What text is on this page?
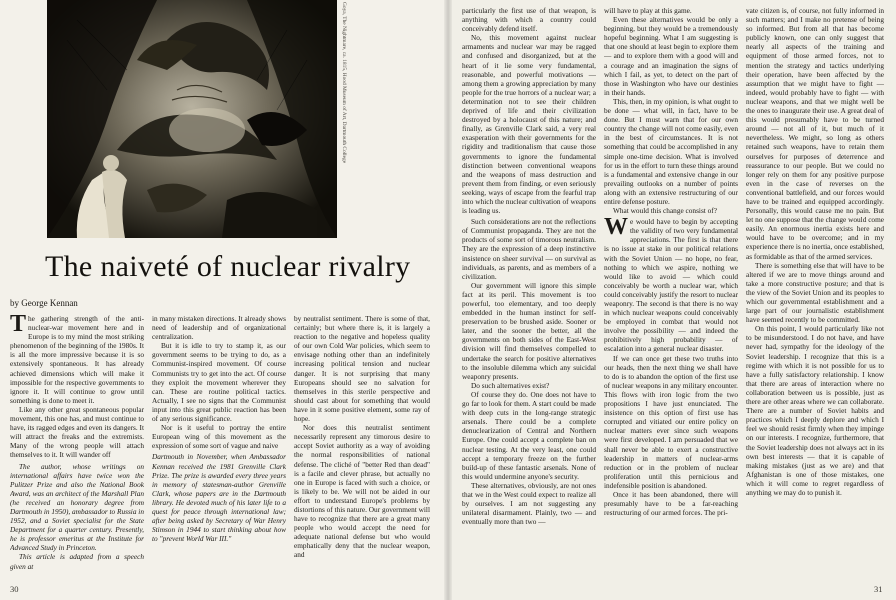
Goya, The Nightmare, ca. 1815, Hood Museum of Art, Dartmouth College
The naiveté of nuclear rivalry
by George Kennan

The gathering strength of the anti-nuclear-war movement here and in Europe is to my mind the most striking phenomenon of the beginning of the 1980s. It is all the more impressive because it is so extensively spontaneous. It has already achieved dimensions which will make it impossible for the respective governments to ignore it. It will continue to grow until something is done to meet it.

Like any other great spontaneous popular movement, this one has, and must continue to have, its ragged edges and even its dangers. It will attract the freaks and the extremists. Many of the wrong people will attach themselves to it. It will wander off

The author, whose writings on international affairs have twice won the Pulitzer Prize and also the National Book Award, was an architect of the Marshall Plan (he received an honorary degree from Dartmouth in 1950), ambassador to Russia in 1952, and a Soviet specialist for the State Department for a quarter century. Presently, he is professor emeritus at the Institute for Advanced Study in Princeton.

This article is adapted from a speech given at

in many mistaken directions. It already shows need of leadership and of organizational centralization.

But it is idle to try to stamp it, as our government seems to be trying to do, as a Communist-inspired movement. Of course Communists try to get into the act. Of course they exploit the movement wherever they can. These are routine political tactics. Actually, I see no signs that the Communist input into this great public reaction has been of any serious significance.

Nor is it useful to portray the entire European wing of this movement as the expression of some sort of vague and naive

Dartmouth in November, when Ambassador Kennan received the 1981 Grenville Clark Prize. The prize is awarded every three years in memory of statesman-author Grenville Clark, whose papers are in the Dartmouth library. He devoted much of his later life to a quest for peace through international law; after being asked by Secretary of War Henry Stimson in 1944 to start thinking about how to "prevent World War III."

by neutralist sentiment. There is some of that, certainly; but where there is, it is largely a reaction to the negative and hopeless quality of our own Cold War policies, which seem to envisage nothing other than an indefinitely increasing political tension and nuclear danger. It is not surprising that many Europeans should see no salvation for themselves in this sterile perspective and should cast about for something that would have in it some positive element, some ray of hope.

Nor does this neutralist sentiment necessarily represent any timorous desire to accept Soviet authority as a way of avoiding the normal responsibilities of national defense. The cliché of "better Red than dead" is a facile and clever phrase, but actually no one in Europe is faced with such a choice, or is likely to be. We will not be aided in our effort to understand Europe's problems by distortions of this nature. Our government will have to recognize that there are a great many people who would accept the need for adequate national defense but who would emphatically deny that the nuclear weapon, and

30

particularly the first use of that weapon, is anything with which a country could conceivably defend itself.

No, this movement against nuclear armaments and nuclear war may be ragged and confused and disorganized, but at the heart of it lie some very fundamental, reasonable, and powerful motivations — among them a growing appreciation by many people for the true horrors of a nuclear war; a determination not to see their children deprived of life and their civilization destroyed by a holocaust of this nature; and finally, as Grenville Clark said, a very real exasperation with their governments for the rigidity and traditionalism that cause those governments to ignore the fundamental distinction between conventional weapons and the weapons of mass destruction and prevent them from finding, or even seriously seeking, ways of escape from the fearful trap into which the nuclear cultivation of weapons is leading us.

Such considerations are not the reflections of Communist propaganda. They are not the products of some sort of timorous neutralism. They are the expression of a deep instinctive insistence on sheer survival — on survival as individuals, as parents, and as members of a civilization.

Our government will ignore this simple fact at its peril. This movement is too powerful, too elementary, and too deeply embedded in the human instinct for self-preservation to be brushed aside. Sooner or later, and the sooner the better, all the governments on both sides of the East-West division will find themselves compelled to undertake the search for positive alternatives to the insoluble dilemma which any suicidal weaponry presents.

Do such alternatives exist?

Of course they do. One does not have to go far to look for them. A start could be made with deep cuts in the long-range strategic arsenals. There could be a complete denuclearization of Central and Northern Europe. One could accept a complete ban on nuclear testing. At the very least, one could accept a temporary freeze on the further build-up of these fantastic arsenals. None of this would undermine anyone's security.

These alternatives, obviously, are not ones that we in the West could expect to realize all by ourselves. I am not suggesting any unilateral disarmament. Plainly, two — and eventually more than two —

will have to play at this game.

Even these alternatives would be only a beginning, but they would be a tremendously hopeful beginning. What I am suggesting is that one should at least begin to explore them — and to explore them with a good will and a courage and an imagination the signs of which I fail, as yet, to detect on the part of those in Washington who have our destinies in their hands.

This, then, in my opinion, is what ought to be done — what will, in fact, have to be done. But I must warn that for our own country the change will not come easily, even in the best of circumstances. It is not something that could be accomplished in any simple one-time decision. What is involved for us in the effort to turn these things around is a fundamental and extensive change in our prevailing outlooks on a number of points along with an extensive restructuring of our entire defense posture.

What would this change consist of?

We would have to begin by accepting the validity of two very fundamental appreciations. The first is that there is no issue at stake in our political relations with the Soviet Union — no hope, no fear, nothing to which we aspire, nothing we would like to avoid — which could conceivably be worth a nuclear war, which could conceivably justify the resort to nuclear weaponry. The second is that there is no way in which nuclear weapons could conceivably be employed in combat that would not involve the possibility — and indeed the prohibitively high probability — of escalation into a general nuclear disaster.

If we can once get these two truths into our heads, then the next thing we shall have to do is to abandon the option of the first use of nuclear weapons in any military encounter. This flows with iron logic from the two propositions I have just enunciated. The insistence on this option of first use has corrupted and vitiated our entire policy on nuclear matters ever since such weapons were first developed. I am persuaded that we shall never be able to exert a constructive leadership in matters of nuclear-arms reduction or in the problem of nuclear proliferation until this pernicious and indefensible position is abandoned.

Once it has been abandoned, there will presumably have to be a far-reaching restructuring of our armed forces. The pri-

vate citizen is, of course, not fully informed in such matters; and I make no pretense of being so informed. But from all that has become publicly known, one can only suggest that nearly all aspects of the training and equipment of those armed forces, not to mention the strategy and tactics underlying their operation, have been affected by the assumption that we might have to fight — indeed, would probably have to fight — with nuclear weapons, and that we might well be the ones to inaugurate their use. A great deal of this would presumably have to be turned around — not all of it, but much of it nevertheless. We might, so long as others retained such weapons, have to retain them ourselves for purposes of deterrence and reassurance to our people. But we could no longer rely on them for any positive purpose even in the case of reverses on the conventional battlefield, and our forces would have to be trained and equipped accordingly. Personally, this would cause me no pain. But let no one suppose that the change would come easily. An enormous inertia exists here and would have to be overcome; and in my experience there is no inertia, once established, as formidable as that of the armed services.

There is something else that will have to be altered if we are to move things around and take a more constructive posture; and that is the view of the Soviet Union and its peoples to which our governmental establishment and a large part of our journalistic establishment have seemed recently to be committed.

On this point, I would particularly like not to be misunderstood. I do not have, and have never had, sympathy for the ideology of the Soviet leadership. I recognize that this is a regime with which it is not possible for us to have a fully satisfactory relationship. I know that there are areas of interaction where no collaboration between us is possible, just as there are other areas where we can collaborate. There are a number of Soviet habits and practices which I deeply deplore and which I feel we should resist firmly when they impinge on our interests. I recognize, furthermore, that the Soviet leadership does not always act in its own best interests — that it is capable of making mistakes (just as we are) and that Afghanistan is one of those mistakes, one which it will come to regret regardless of anything we may do to punish it.

31
